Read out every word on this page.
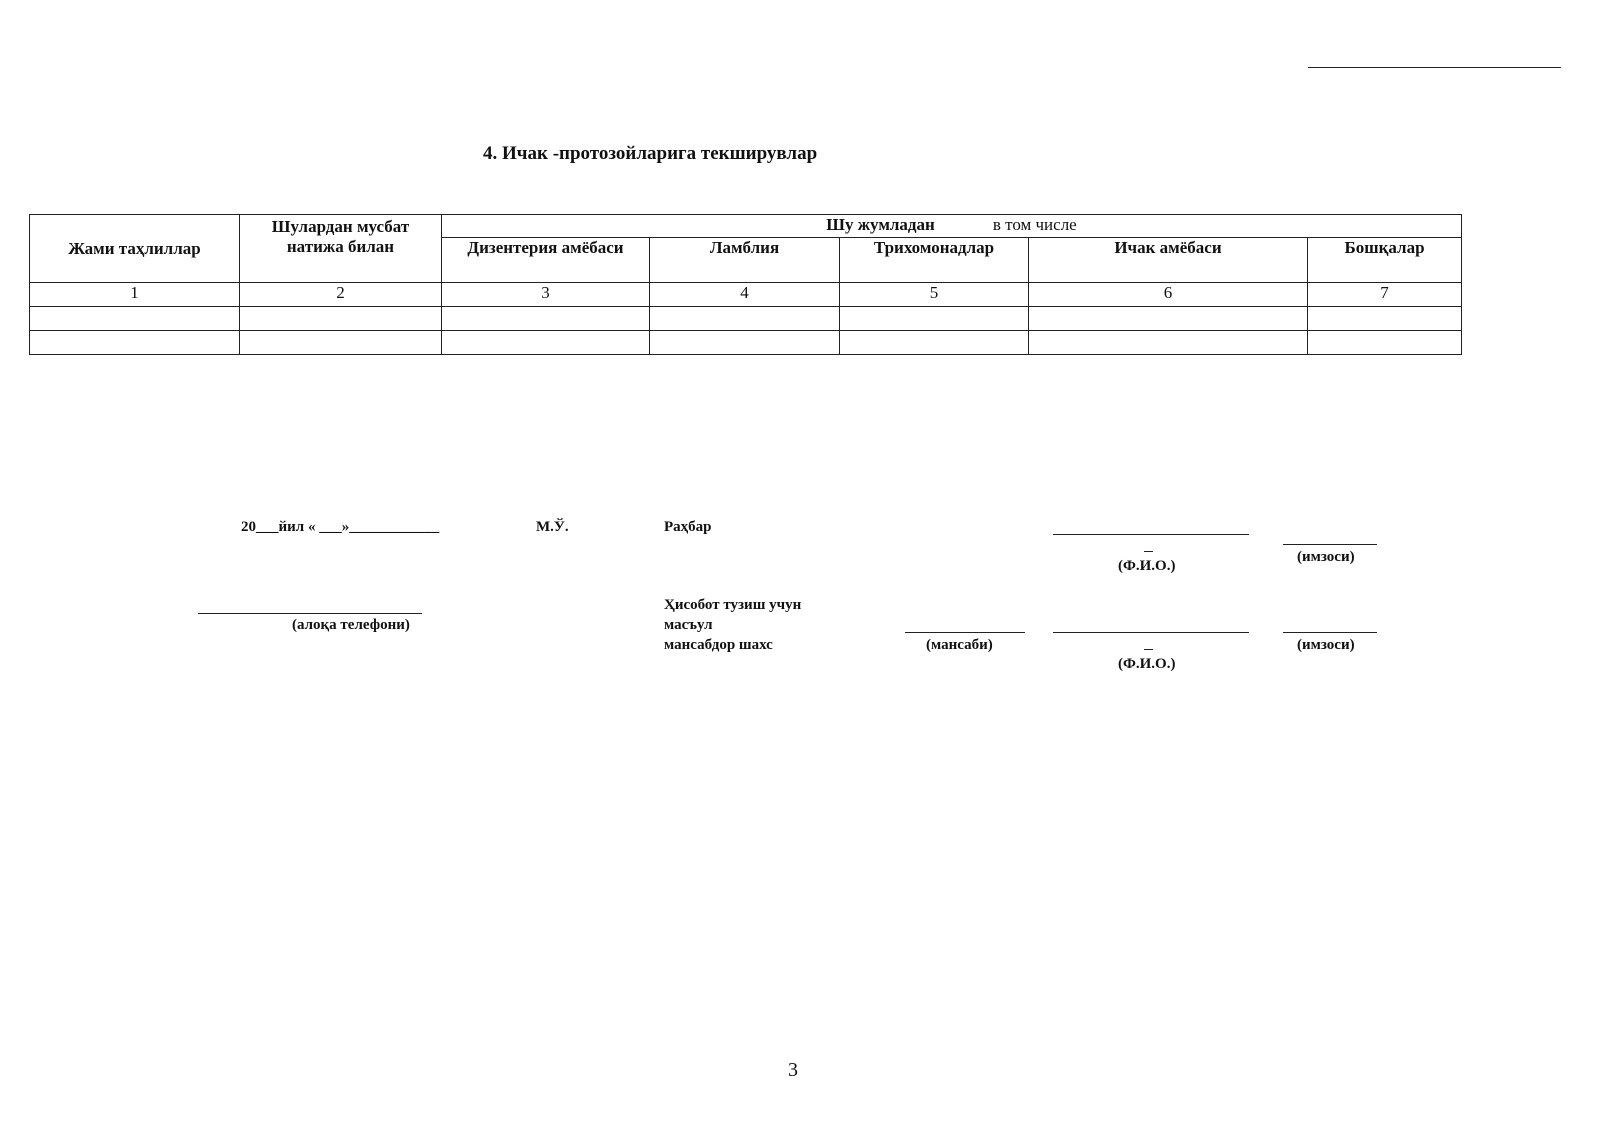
4. Ичак -протозойларига текширувлар
Жами таҳлиллар	Шулардан мусбат натижа билан	Шу жумладан в том числе				
		Дизентерия амёбаси	Ламблия	Трихомонадлар	Ичак амёбаси	Бошқалар
1	2	3	4	5	6	7

20___йил « ___»____________	М.Ў.	Раҳбар
(Ф.И.О.)
(имзоси)
(алоқа телефони)
Ҳисобот тузиш учун
масъул
мансабдор шахс	(мансаби)
(Ф.И.О.)
(имзоси)
3
